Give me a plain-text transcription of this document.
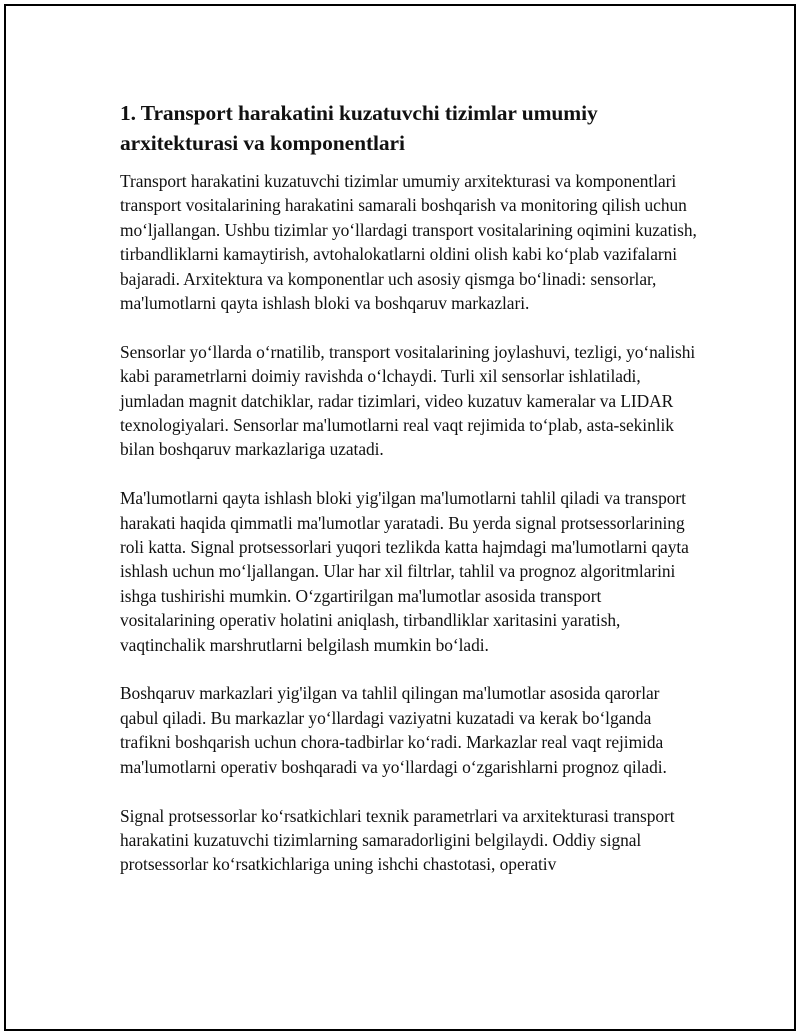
1. Transport harakatini kuzatuvchi tizimlar umumiy arxitekturasi va komponentlari

Transport harakatini kuzatuvchi tizimlar umumiy arxitekturasi va komponentlari transport vositalarining harakatini samarali boshqarish va monitoring qilish uchun mo‘ljallangan. Ushbu tizimlar yo‘llardagi transport vositalarining oqimini kuzatish, tirbandliklarni kamaytirish, avtohalokatlarni oldini olish kabi ko‘plab vazifalarni bajaradi. Arxitektura va komponentlar uch asosiy qismga bo‘linadi: sensorlar, ma'lumotlarni qayta ishlash bloki va boshqaruv markazlari.

Sensorlar yo‘llarda o‘rnatilib, transport vositalarining joylashuvi, tezligi, yo‘nalishi kabi parametrlarni doimiy ravishda o‘lchaydi. Turli xil sensorlar ishlatiladi, jumladan magnit datchiklar, radar tizimlari, video kuzatuv kameralar va LIDAR texnologiyalari. Sensorlar ma'lumotlarni real vaqt rejimida to‘plab, asta-sekinlik bilan boshqaruv markazlariga uzatadi.

Ma'lumotlarni qayta ishlash bloki yig'ilgan ma'lumotlarni tahlil qiladi va transport harakati haqida qimmatli ma'lumotlar yaratadi. Bu yerda signal protsessorlarining roli katta. Signal protsessorlari yuqori tezlikda katta hajmdagi ma'lumotlarni qayta ishlash uchun mo‘ljallangan. Ular har xil filtrlar, tahlil va prognoz algoritmlarini ishga tushirishi mumkin. O‘zgartirilgan ma'lumotlar asosida transport vositalarining operativ holatini aniqlash, tirbandliklar xaritasini yaratish, vaqtinchalik marshrutlarni belgilash mumkin bo‘ladi.

Boshqaruv markazlari yig'ilgan va tahlil qilingan ma'lumotlar asosida qarorlar qabul qiladi. Bu markazlar yo‘llardagi vaziyatni kuzatadi va kerak bo‘lganda trafikni boshqarish uchun chora-tadbirlar ko‘radi. Markazlar real vaqt rejimida ma'lumotlarni operativ boshqaradi va yo‘llardagi o‘zgarishlarni prognoz qiladi.

Signal protsessorlar ko‘rsatkichlari texnik parametrlari va arxitekturasi transport harakatini kuzatuvchi tizimlarning samaradorligini belgilaydi. Oddiy signal protsessorlar ko‘rsatkichlariga uning ishchi chastotasi, operativ
